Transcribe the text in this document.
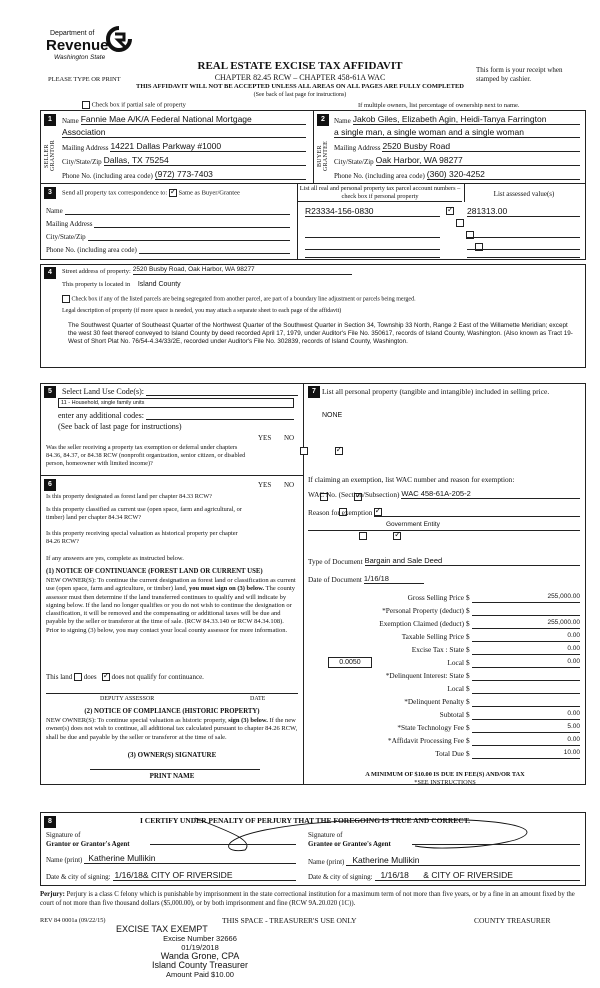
Department of
Revenue
Washington State
PLEASE TYPE OR PRINT
REAL ESTATE EXCISE TAX AFFIDAVIT
CHAPTER 82.45 RCW – CHAPTER 458-61A WAC
THIS AFFIDAVIT WILL NOT BE ACCEPTED UNLESS ALL AREAS ON ALL PAGES ARE FULLY COMPLETED
(See back of last page for instructions)
This form is your receipt when stamped by cashier.
Check box if partial sale of property	If multiple owners, list percentage of ownership next to name.
1
SELLER GRANTOR
Name Fannie Mae A/K/A Federal National Mortgage
Association
Mailing Address 14221 Dallas Parkway #1000
City/State/Zip Dallas, TX 75254
Phone No. (including area code) (972) 773-7403
2
BUYER GRANTEE
Name Jakob Giles, Elizabeth Agin, Heidi-Tanya Farrington
a single man, a single woman and a single woman
Mailing Address 2520 Busby Road
City/State/Zip Oak Harbor, WA 98277
Phone No. (including area code) (360) 320-4252
3	Send all property tax correspondence to: ✓ Same as Buyer/Grantee
Name
Mailing Address
City/State/Zip
Phone No. (including area code)
List all real and personal property tax parcel account numbers – check box if personal property	List assessed value(s)
R23334-156-0830 ✓	281313.00

4	Street address of property: 2520 Busby Road, Oak Harbor, WA 98277
This property is located in Island County
Check box if any of the listed parcels are being segregated from another parcel, are part of a boundary line adjustment or parcels being merged.
Legal description of property (if more space is needed, you may attach a separate sheet to each page of the affidavit)
The Southwest Quarter of Southeast Quarter of the Northwest Quarter of the Southwest Quarter in Section 34, Township 33 North, Range 2 East of the Willamette Meridian; except the west 30 feet thereof conveyed to Island County by deed recorded April 17, 1979, under Auditor's File No. 350617, records of Island County, Washington. (Also known as Tract 19-West of Short Plat No. 76/54-4.34/33/2E, recorded under Auditor's File No. 302839, records of Island County, Washington.
5	Select Land Use Code(s):
11 - Household, single family units
enter any additional codes:
(See back of last page for instructions)
YES NO
Was the seller receiving a property tax exemption or deferral under chapters 84.36, 84.37, or 84.38 RCW (nonprofit organization, senior citizen, or disabled person, homeowner with limited income)?
✓
6	YES NO
Is this property designated as forest land per chapter 84.33 RCW?
✓
Is this property classified as current use (open space, farm and agricultural, or timber) land per chapter 84.34 RCW?
✓
Is this property receiving special valuation as historical property per chapter 84.26 RCW?
✓
If any answers are yes, complete as instructed below.
(1) NOTICE OF CONTINUANCE (FOREST LAND OR CURRENT USE)
NEW OWNER(S): To continue the current designation as forest land or classification as current use (open space, farm and agriculture, or timber) land, you must sign on (3) below. The county assessor must then determine if the land transferred continues to qualify and will indicate by signing below. If the land no longer qualifies or you do not wish to continue the designation or classification, it will be removed and the compensating or additional taxes will be due and payable by the seller or transferor at the time of sale. (RCW 84.33.140 or RCW 84.34.108). Prior to signing (3) below, you may contact your local county assessor for more information.
This land does ✓ does not qualify for continuance.
DEPUTY ASSESSOR	DATE
(2) NOTICE OF COMPLIANCE (HISTORIC PROPERTY)
NEW OWNER(S): To continue special valuation as historic property, sign (3) below. If the new owner(s) does not wish to continue, all additional tax calculated pursuant to chapter 84.26 RCW, shall be due and payable by the seller or transferor at the time of sale.
(3) OWNER(S) SIGNATURE
PRINT NAME
7 List all personal property (tangible and intangible) included in selling price.
NONE
If claiming an exemption, list WAC number and reason for exemption:
WAC No. (Section/Subsection) WAC 458-61A-205-2
Reason for exemption
Government Entity
Type of Document Bargain and Sale Deed
Date of Document 1/16/18
Gross Selling Price $	255,000.00
*Personal Property (deduct) $
Exemption Claimed (deduct) $	255,000.00
Taxable Selling Price $	0.00
Excise Tax : State $	0.00
0.0050	Local $	0.00
*Delinquent Interest: State $
Local $
*Delinquent Penalty $
Subtotal $	0.00
*State Technology Fee $	5.00
*Affidavit Processing Fee $	0.00
Total Due $	10.00
A MINIMUM OF $10.00 IS DUE IN FEE(S) AND/OR TAX
*SEE INSTRUCTIONS
8	I CERTIFY UNDER PENALTY OF PERJURY THAT THE FOREGOING IS TRUE AND CORRECT.
Signature of
Grantor or Grantor's Agent
Name (print) Katherine Mullikin
Date & city of signing: 1/16/18& CITY OF RIVERSIDE
Signature of
Grantee or Grantee's Agent
Name (print) Katherine Mullikin
Date & city of signing: 1/16/18 & CITY OF RIVERSIDE
Perjury: Perjury is a class C felony which is punishable by imprisonment in the state correctional institution for a maximum term of not more than five years, or by a fine in an amount fixed by the court of not more than five thousand dollars ($5,000.00), or by both imprisonment and fine (RCW 9A.20.020 (1C)).
REV 84 0001a (09/22/15)	THIS SPACE - TREASURER'S USE ONLY	COUNTY TREASURER
EXCISE TAX EXEMPT
Excise Number 32666
01/19/2018
Wanda Grone, CPA
Island County Treasurer
Amount Paid $10.00
